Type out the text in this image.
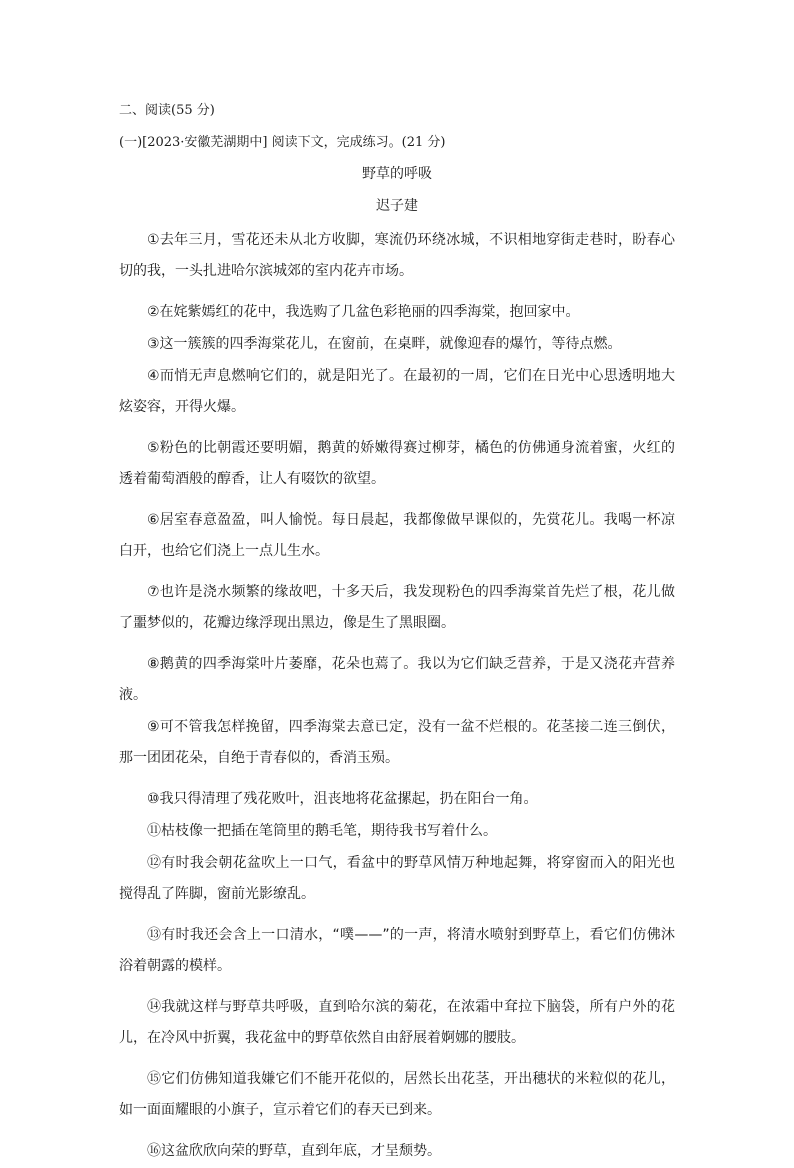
二、阅读(55 分)
(一)[2023·安徽芜湖期中] 阅读下文，完成练习。(21 分)
野草的呼吸
迟子建

①去年三月，雪花还未从北方收脚，寒流仍环绕冰城，不识相地穿街走巷时，盼春心切的我，一头扎进哈尔滨城郊的室内花卉市场。

②在姹紫嫣红的花中，我选购了几盆色彩艳丽的四季海棠，抱回家中。

③这一簇簇的四季海棠花儿，在窗前，在桌畔，就像迎春的爆竹，等待点燃。

④而悄无声息燃响它们的，就是阳光了。在最初的一周，它们在日光中心思透明地大炫姿容，开得火爆。

⑤粉色的比朝霞还要明媚，鹅黄的娇嫩得赛过柳芽，橘色的仿佛通身流着蜜，火红的透着葡萄酒般的醇香，让人有啜饮的欲望。

⑥居室春意盈盈，叫人愉悦。每日晨起，我都像做早课似的，先赏花儿。我喝一杯凉白开，也给它们浇上一点儿生水。

⑦也许是浇水频繁的缘故吧，十多天后，我发现粉色的四季海棠首先烂了根，花儿做了噩梦似的，花瓣边缘浮现出黑边，像是生了黑眼圈。

⑧鹅黄的四季海棠叶片萎靡，花朵也蔫了。我以为它们缺乏营养，于是又浇花卉营养液。

⑨可不管我怎样挽留，四季海棠去意已定，没有一盆不烂根的。花茎接二连三倒伏，那一团团花朵，自绝于青春似的，香消玉殒。

⑩我只得清理了残花败叶，沮丧地将花盆摞起，扔在阳台一角。

⑪枯枝像一把插在笔筒里的鹅毛笔，期待我书写着什么。

⑫有时我会朝花盆吹上一口气，看盆中的野草风情万种地起舞，将穿窗而入的阳光也搅得乱了阵脚，窗前光影缭乱。

⑬有时我还会含上一口清水，“噗——”的一声，将清水喷射到野草上，看它们仿佛沐浴着朝露的模样。

⑭我就这样与野草共呼吸，直到哈尔滨的菊花，在浓霜中耷拉下脑袋，所有户外的花儿，在冷风中折翼，我花盆中的野草依然自由舒展着婀娜的腰肢。

⑮它们仿佛知道我嫌它们不能开花似的，居然长出花茎，开出穗状的米粒似的花儿，如一面面耀眼的小旗子，宣示着它们的春天已到来。

⑯这盆欣欣向荣的野草，直到年底，才呈颓势。
